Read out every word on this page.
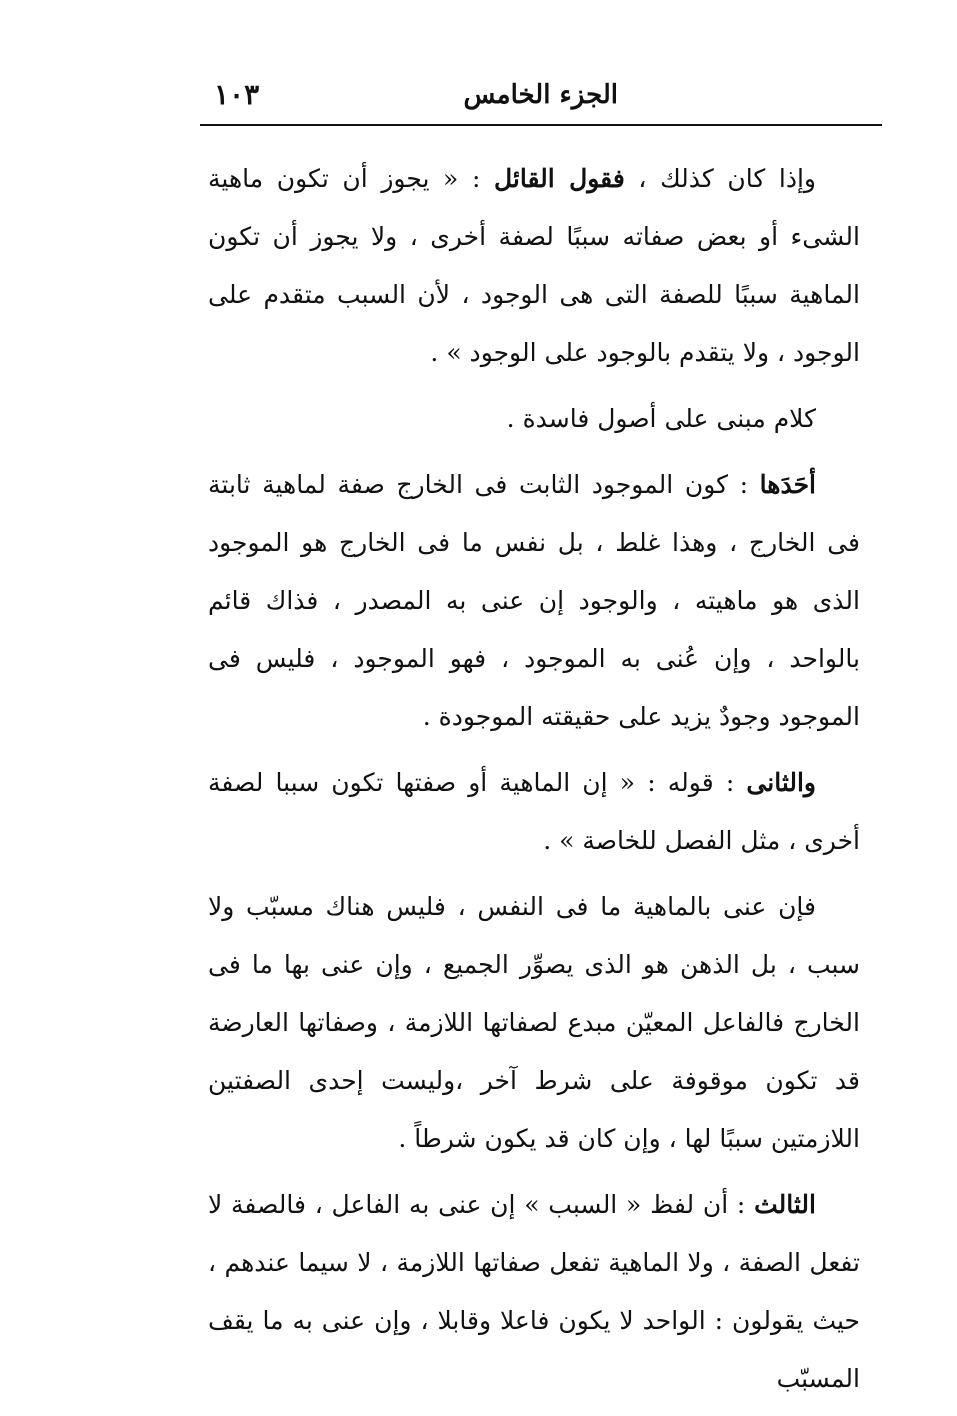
الجزء الخامس
١٠٣

وإذا كان كذلك ، فقول القائل : « يجوز أن تكون ماهية الشىء أو بعض صفاته سببًا لصفة أخرى ، ولا يجوز أن تكون الماهية سببًا للصفة التى هى الوجود ، لأن السبب متقدم على الوجود ، ولا يتقدم بالوجود على الوجود » .

كلام مبنى على أصول فاسدة .

أحَدَها : كون الموجود الثابت فى الخارج صفة لماهية ثابتة فى الخارج ، وهذا غلط ، بل نفس ما فى الخارج هو الموجود الذى هو ماهيته ، والوجود إن عنى به المصدر ، فذاك قائم بالواحد ، وإن عُنى به الموجود ، فهو الموجود ، فليس فى الموجود وجودٌ يزيد على حقيقته الموجودة .

والثانى : قوله : « إن الماهية أو صفتها تكون سببا لصفة أخرى ، مثل الفصل للخاصة » .

فإن عنى بالماهية ما فى النفس ، فليس هناك مسبّب ولا سبب ، بل الذهن هو الذى يصوِّر الجميع ، وإن عنى بها ما فى الخارج فالفاعل المعيّن مبدع لصفاتها اللازمة ، وصفاتها العارضة قد تكون موقوفة على شرط آخر ،وليست إحدى الصفتين اللازمتين سببًا لها ، وإن كان قد يكون شرطاً .

الثالث : أن لفظ « السبب » إن عنى به الفاعل ، فالصفة لا تفعل الصفة ، ولا الماهية تفعل صفاتها اللازمة ، لا سيما عندهم ، حيث يقولون : الواحد لا يكون فاعلا وقابلا ، وإن عنى به ما يقف المسبّب
